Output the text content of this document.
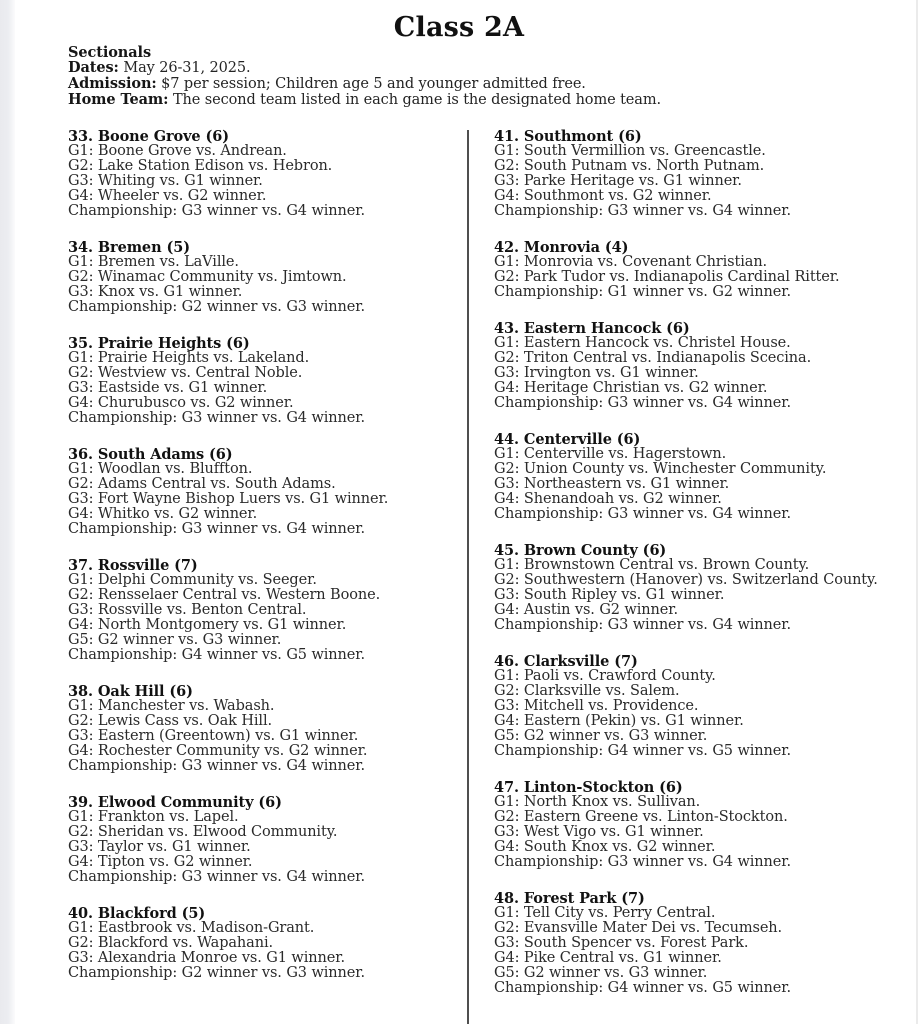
Class 2A
Sectionals
Dates: May 26-31, 2025.
Admission: $7 per session; Children age 5 and younger admitted free.
Home Team: The second team listed in each game is the designated home team.
33. Boone Grove (6)
G1: Boone Grove vs. Andrean.
G2: Lake Station Edison vs. Hebron.
G3: Whiting vs. G1 winner.
G4: Wheeler vs. G2 winner.
Championship: G3 winner vs. G4 winner.
34. Bremen (5)
G1: Bremen vs. LaVille.
G2: Winamac Community vs. Jimtown.
G3: Knox vs. G1 winner.
Championship: G2 winner vs. G3 winner.
35. Prairie Heights (6)
G1: Prairie Heights vs. Lakeland.
G2: Westview vs. Central Noble.
G3: Eastside vs. G1 winner.
G4: Churubusco vs. G2 winner.
Championship: G3 winner vs. G4 winner.
36. South Adams (6)
G1: Woodlan vs. Bluffton.
G2: Adams Central vs. South Adams.
G3: Fort Wayne Bishop Luers vs. G1 winner.
G4: Whitko vs. G2 winner.
Championship: G3 winner vs. G4 winner.
37. Rossville (7)
G1: Delphi Community vs. Seeger.
G2: Rensselaer Central vs. Western Boone.
G3: Rossville vs. Benton Central.
G4: North Montgomery vs. G1 winner.
G5: G2 winner vs. G3 winner.
Championship: G4 winner vs. G5 winner.
38. Oak Hill (6)
G1: Manchester vs. Wabash.
G2: Lewis Cass vs. Oak Hill.
G3: Eastern (Greentown) vs. G1 winner.
G4: Rochester Community vs. G2 winner.
Championship: G3 winner vs. G4 winner.
39. Elwood Community (6)
G1: Frankton vs. Lapel.
G2: Sheridan vs. Elwood Community.
G3: Taylor vs. G1 winner.
G4: Tipton vs. G2 winner.
Championship: G3 winner vs. G4 winner.
40. Blackford (5)
G1: Eastbrook vs. Madison-Grant.
G2: Blackford vs. Wapahani.
G3: Alexandria Monroe vs. G1 winner.
Championship: G2 winner vs. G3 winner.
41. Southmont (6)
G1: South Vermillion vs. Greencastle.
G2: South Putnam vs. North Putnam.
G3: Parke Heritage vs. G1 winner.
G4: Southmont vs. G2 winner.
Championship: G3 winner vs. G4 winner.
42. Monrovia (4)
G1: Monrovia vs. Covenant Christian.
G2: Park Tudor vs. Indianapolis Cardinal Ritter.
Championship: G1 winner vs. G2 winner.
43. Eastern Hancock (6)
G1: Eastern Hancock vs. Christel House.
G2: Triton Central vs. Indianapolis Scecina.
G3: Irvington vs. G1 winner.
G4: Heritage Christian vs. G2 winner.
Championship: G3 winner vs. G4 winner.
44. Centerville (6)
G1: Centerville vs. Hagerstown.
G2: Union County vs. Winchester Community.
G3: Northeastern vs. G1 winner.
G4: Shenandoah vs. G2 winner.
Championship: G3 winner vs. G4 winner.
45. Brown County (6)
G1: Brownstown Central vs. Brown County.
G2: Southwestern (Hanover) vs. Switzerland County.
G3: South Ripley vs. G1 winner.
G4: Austin vs. G2 winner.
Championship: G3 winner vs. G4 winner.
46. Clarksville (7)
G1: Paoli vs. Crawford County.
G2: Clarksville vs. Salem.
G3: Mitchell vs. Providence.
G4: Eastern (Pekin) vs. G1 winner.
G5: G2 winner vs. G3 winner.
Championship: G4 winner vs. G5 winner.
47. Linton-Stockton (6)
G1: North Knox vs. Sullivan.
G2: Eastern Greene vs. Linton-Stockton.
G3: West Vigo vs. G1 winner.
G4: South Knox vs. G2 winner.
Championship: G3 winner vs. G4 winner.
48. Forest Park (7)
G1: Tell City vs. Perry Central.
G2: Evansville Mater Dei vs. Tecumseh.
G3: South Spencer vs. Forest Park.
G4: Pike Central vs. G1 winner.
G5: G2 winner vs. G3 winner.
Championship: G4 winner vs. G5 winner.
